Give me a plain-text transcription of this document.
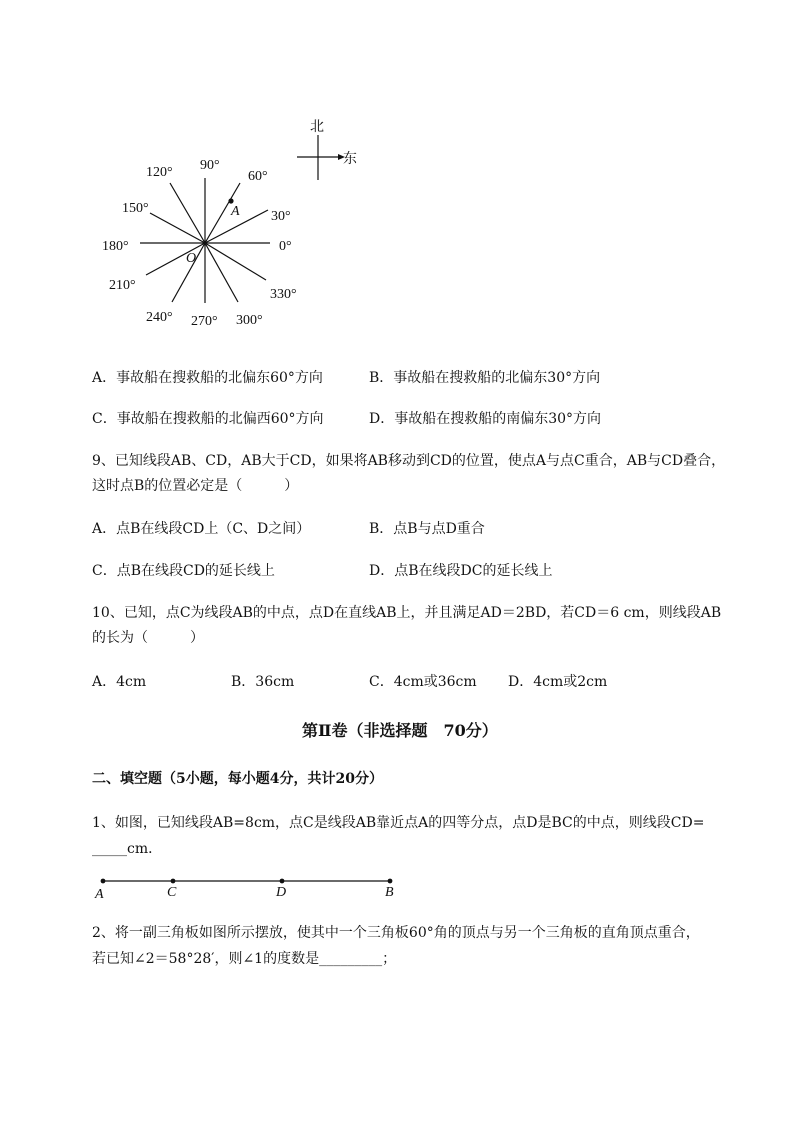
北
东
A
O
0°
30°
60°
90°
120°
150°
180°
210°
240° 270° 300°
330°
A．事故船在搜救船的北偏东60°方向	B．事故船在搜救船的北偏东30°方向
C．事故船在搜救船的北偏西60°方向	D．事故船在搜救船的南偏东30°方向
9、已知线段AB、CD，AB大于CD，如果将AB移动到CD的位置，使点A与点C重合，AB与CD叠合，
这时点B的位置必定是（　　　）
A．点B在线段CD上（C、D之间）	B．点B与点D重合
C．点B在线段CD的延长线上	D．点B在线段DC的延长线上
10、已知，点C为线段AB的中点，点D在直线AB上，并且满足AD＝2BD，若CD＝6 cm，则线段AB
的长为（　　　）
A．4cm	B．36cm	C．4cm或36cm D．4cm或2cm
第Ⅱ卷（非选择题　70分）
二、填空题（5小题，每小题4分，共计20分）
1、如图，已知线段AB=8cm，点C是线段AB靠近点A的四等分点，点D是BC的中点，则线段CD=
_____cm．
A	C	D	B
2、将一副三角板如图所示摆放，使其中一个三角板60°角的顶点与另一个三角板的直角顶点重合，
若已知∠2＝58°28′，则∠1的度数是_________；
